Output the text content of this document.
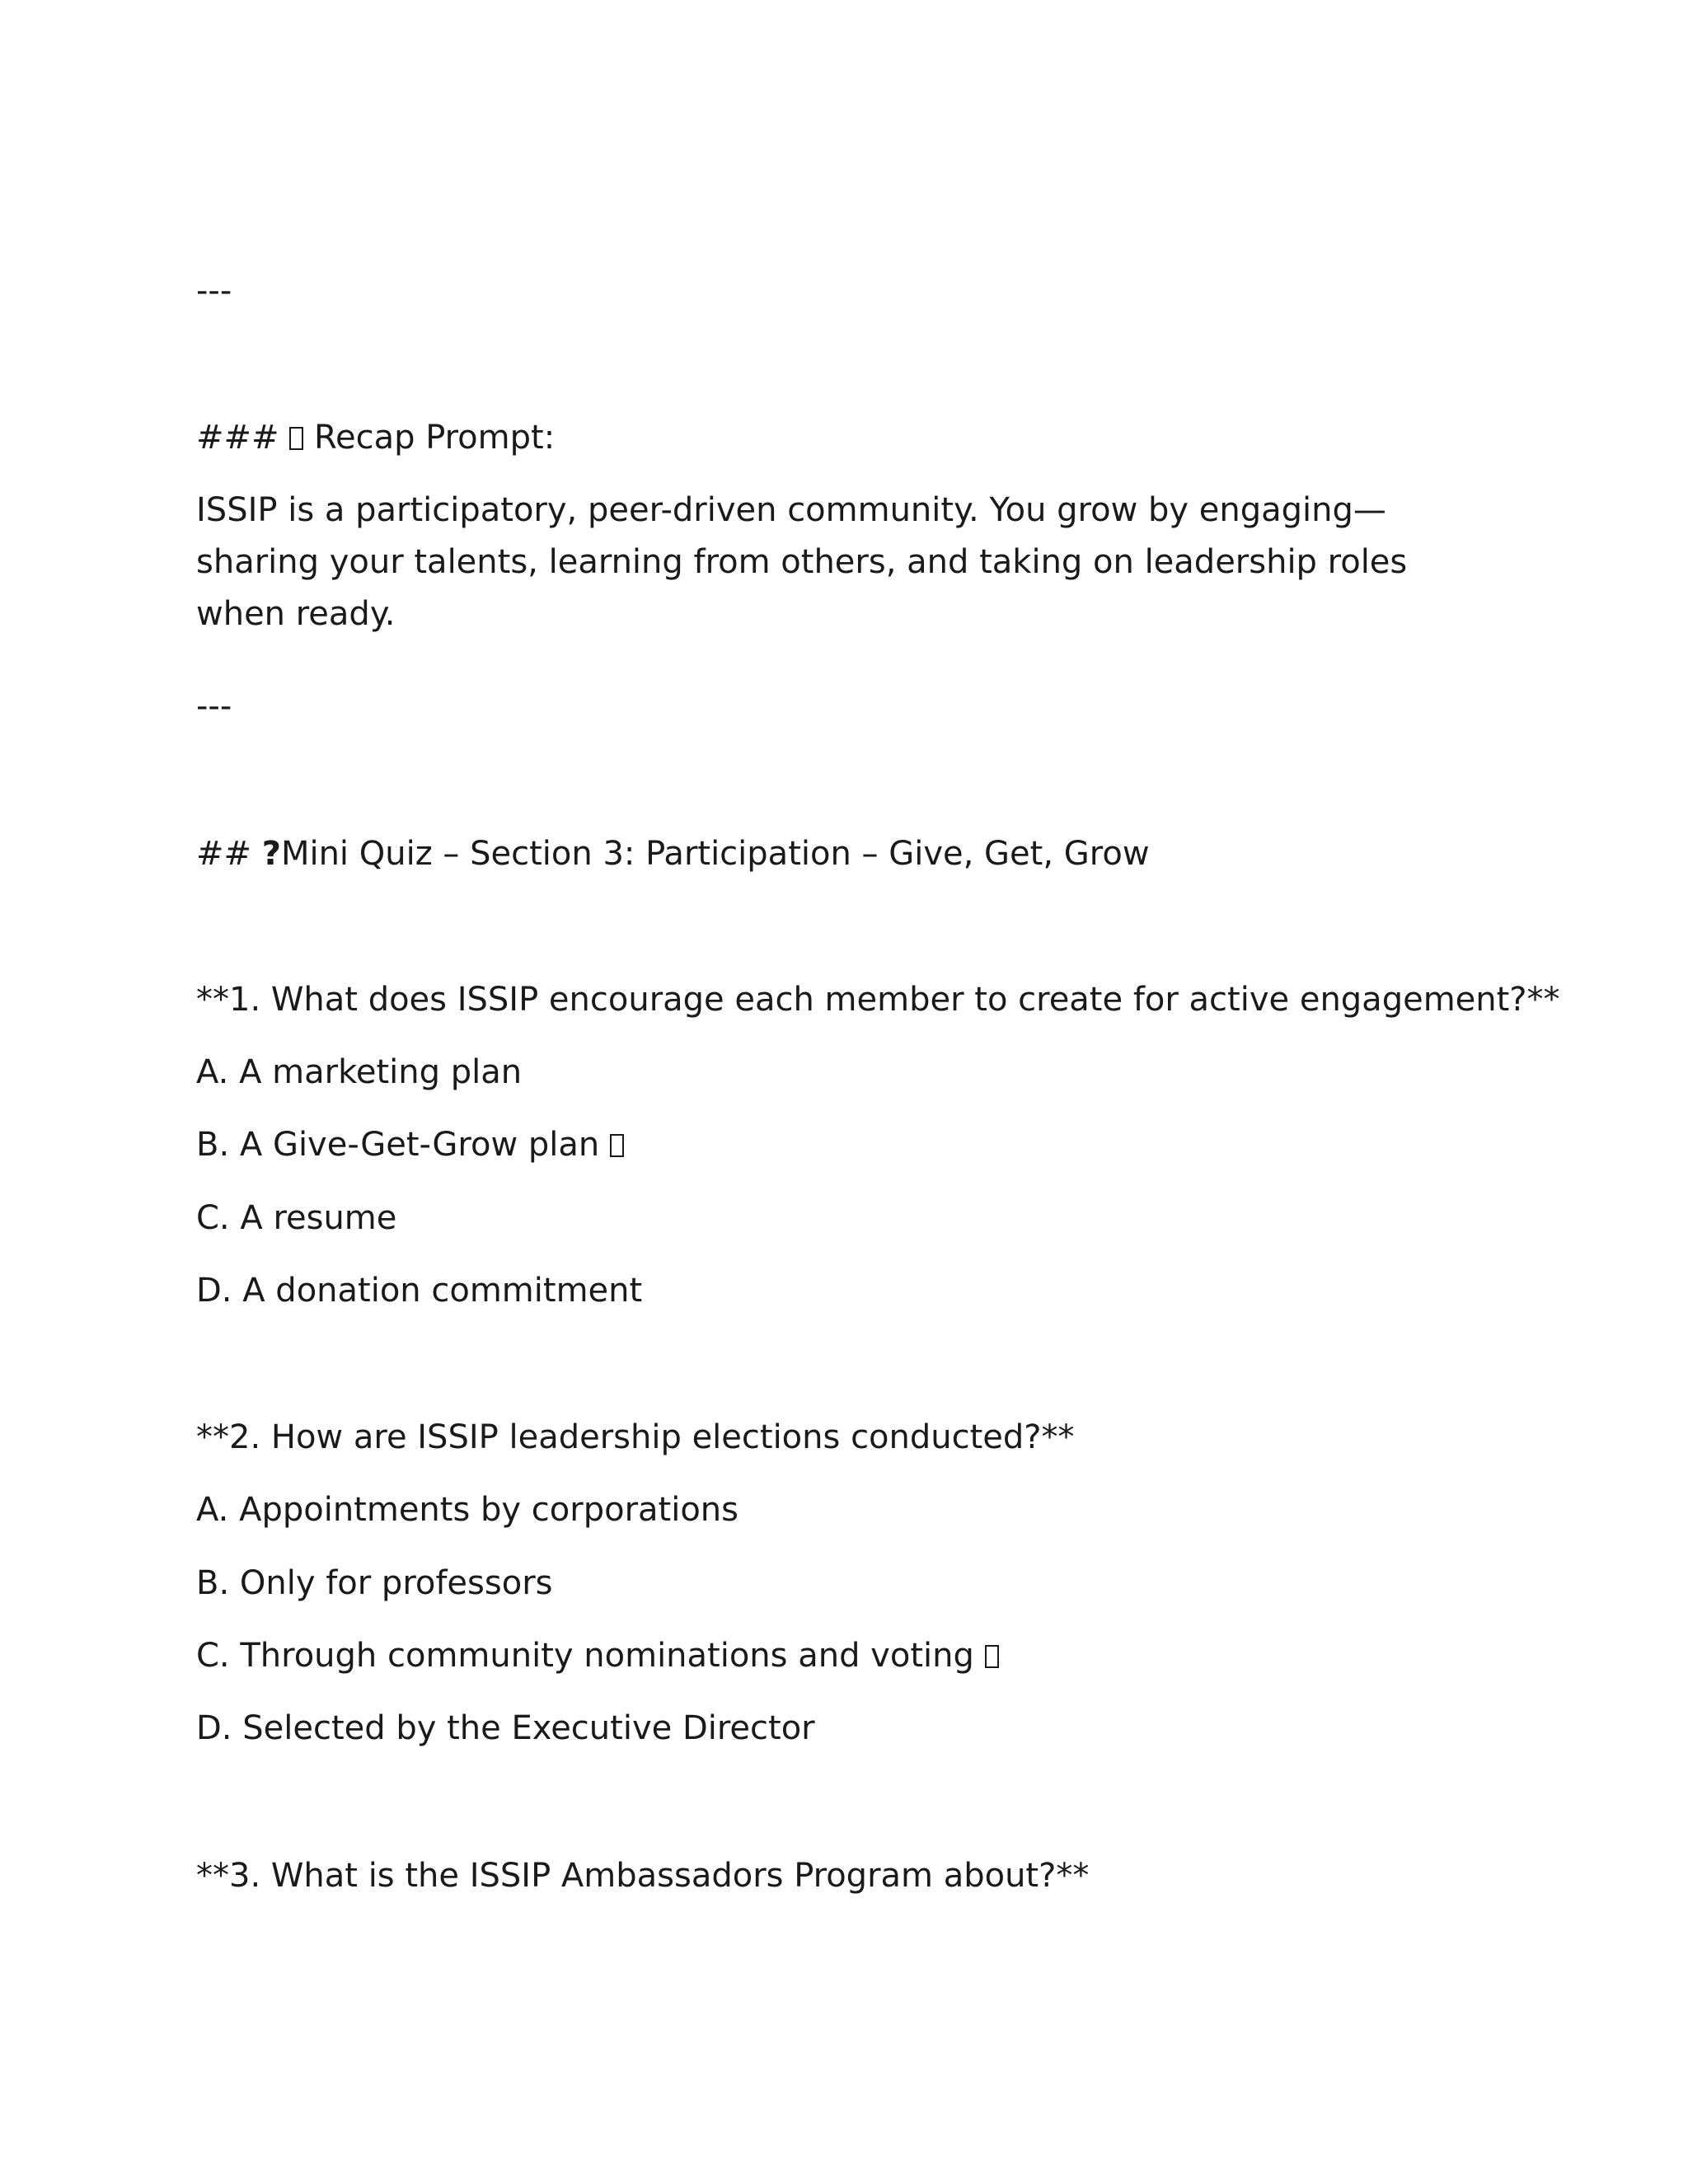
---

### Recap Prompt:

ISSIP is a participatory, peer-driven community. You grow by engaging—sharing your talents, learning from others, and taking on leadership roles when ready.

---

## ?Mini Quiz – Section 3: Participation – Give, Get, Grow

**1. What does ISSIP encourage each member to create for active engagement?**

A. A marketing plan

B. A Give-Get-Grow plan

C. A resume

D. A donation commitment

**2. How are ISSIP leadership elections conducted?**

A. Appointments by corporations

B. Only for professors

C. Through community nominations and voting

D. Selected by the Executive Director

**3. What is the ISSIP Ambassadors Program about?**
